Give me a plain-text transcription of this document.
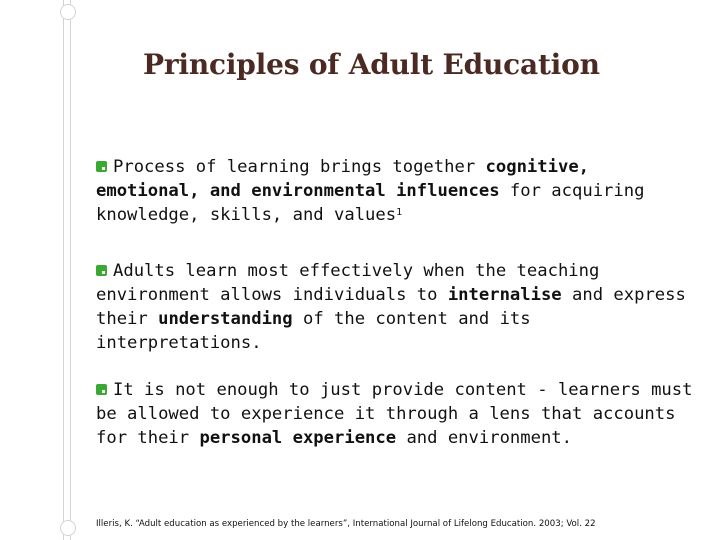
Principles of Adult Education

Process of learning brings together cognitive, emotional, and environmental influences for acquiring knowledge, skills, and values$^1$

Adults learn most effectively when the teaching environment allows individuals to internalise and express their understanding of the content and its interpretations.

It is not enough to just provide content - learners must be allowed to experience it through a lens that accounts for their personal experience and environment.

Illeris, K. “Adult education as experienced by the learners”, International Journal of Lifelong Education. 2003; Vol. 22
